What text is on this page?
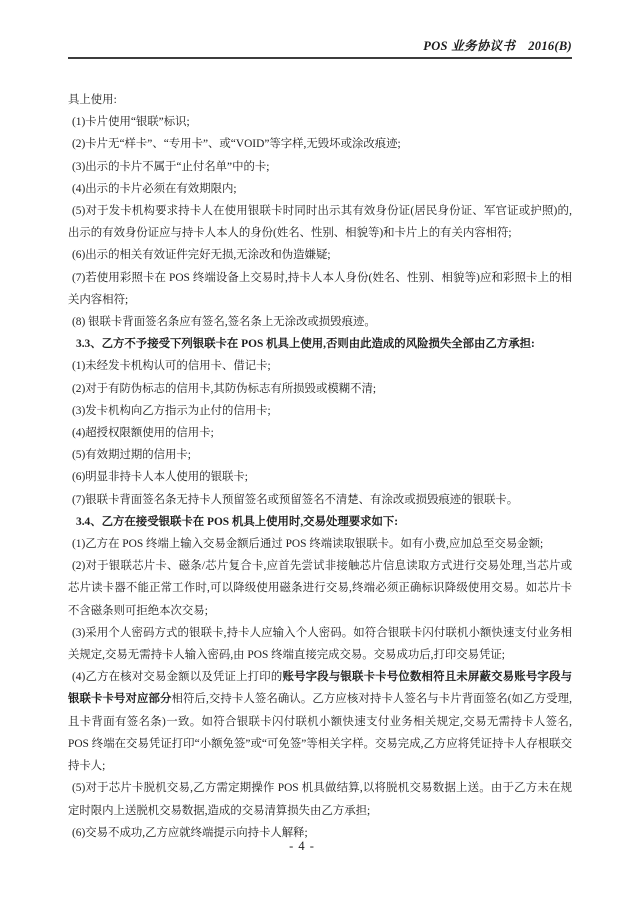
POS 业务协议书 2016(B)

具上使用:

(1)卡片使用“银联”标识;

(2)卡片无“样卡”、“专用卡”、或“VOID”等字样,无毁坏或涂改痕迹;

(3)出示的卡片不属于“止付名单”中的卡;

(4)出示的卡片必须在有效期限内;

(5)对于发卡机构要求持卡人在使用银联卡时同时出示其有效身份证(居民身份证、军官证或护照)的,出示的有效身份证应与持卡人本人的身份(姓名、性别、相貌等)和卡片上的有关内容相符;

(6)出示的相关有效证件完好无损,无涂改和伪造嫌疑;

(7)若使用彩照卡在 POS 终端设备上交易时,持卡人本人身份(姓名、性别、相貌等)应和彩照卡上的相关内容相符;

(8) 银联卡背面签名条应有签名,签名条上无涂改或损毁痕迹。

3.3、乙方不予接受下列银联卡在 POS 机具上使用,否则由此造成的风险损失全部由乙方承担:

(1)未经发卡机构认可的信用卡、借记卡;

(2)对于有防伪标志的信用卡,其防伪标志有所损毁或模糊不清;

(3)发卡机构向乙方指示为止付的信用卡;

(4)超授权限额使用的信用卡;

(5)有效期过期的信用卡;

(6)明显非持卡人本人使用的银联卡;

(7)银联卡背面签名条无持卡人预留签名或预留签名不清楚、有涂改或损毁痕迹的银联卡。

3.4、乙方在接受银联卡在 POS 机具上使用时,交易处理要求如下:

(1)乙方在 POS 终端上输入交易金额后通过 POS 终端读取银联卡。如有小费,应加总至交易金额;

(2)对于银联芯片卡、磁条/芯片复合卡,应首先尝试非接触芯片信息读取方式进行交易处理,当芯片或芯片读卡器不能正常工作时,可以降级使用磁条进行交易,终端必须正确标识降级使用交易。如芯片卡不含磁条则可拒绝本次交易;

(3)采用个人密码方式的银联卡,持卡人应输入个人密码。如符合银联卡闪付联机小额快速支付业务相关规定,交易无需持卡人输入密码,由 POS 终端直接完成交易。交易成功后,打印交易凭证;

(4)乙方在核对交易金额以及凭证上打印的账号字段与银联卡卡号位数相符且未屏蔽交易账号字段与银联卡卡号对应部分相符后,交持卡人签名确认。乙方应核对持卡人签名与卡片背面签名(如乙方受理,且卡背面有签名条)一致。如符合银联卡闪付联机小额快速支付业务相关规定,交易无需持卡人签名, POS 终端在交易凭证打印“小额免签”或“可免签”等相关字样。交易完成,乙方应将凭证持卡人存根联交持卡人;

(5)对于芯片卡脱机交易,乙方需定期操作 POS 机具做结算,以将脱机交易数据上送。由于乙方未在规定时限内上送脱机交易数据,造成的交易清算损失由乙方承担;

(6)交易不成功,乙方应就终端提示向持卡人解释;

- 4 -
